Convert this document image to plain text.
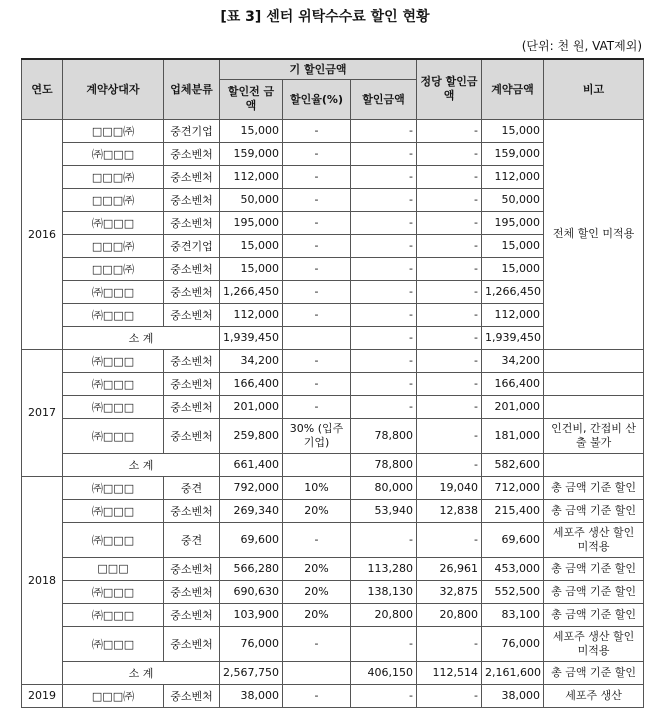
[표 3] 센터 위탁수수료 할인 현황
(단위: 천 원, VAT제외)
연도	계약상대자	업체분류	기 할인금액			정당 할인금액	계약금액	비고
			할인전 금액	할인율(%)	할인금액			
2016	□□□㈜	중견기업	15,000	-	-	-	15,000	전체 할인 미적용
	㈜□□□	중소벤처	159,000	-	-	-	159,000	
	□□□㈜	중소벤처	112,000	-	-	-	112,000	
	□□□㈜	중소벤처	50,000	-	-	-	50,000	
	㈜□□□	중소벤처	195,000	-	-	-	195,000	
	□□□㈜	중견기업	15,000	-	-	-	15,000	
	□□□㈜	중소벤처	15,000	-	-	-	15,000	
	㈜□□□	중소벤처	1,266,450	-	-	-	1,266,450	
	㈜□□□	중소벤처	112,000	-	-	-	112,000	
	소 계		1,939,450		-	-	1,939,450	
2017	㈜□□□	중소벤처	34,200	-	-	-	34,200	
	㈜□□□	중소벤처	166,400	-	-	-	166,400	
	㈜□□□	중소벤처	201,000	-	-	-	201,000	
	㈜□□□	중소벤처	259,800	30% (입주기업)	78,800	-	181,000	인건비, 간접비 산출 불가
	소 계		661,400		78,800	-	582,600	
2018	㈜□□□	중견	792,000	10%	80,000	19,040	712,000	총 금액 기준 할인
	㈜□□□	중소벤처	269,340	20%	53,940	12,838	215,400	총 금액 기준 할인
	㈜□□□	중견	69,600	-	-	-	69,600	세포주 생산 할인 미적용
	□□□	중소벤처	566,280	20%	113,280	26,961	453,000	총 금액 기준 할인
	㈜□□□	중소벤처	690,630	20%	138,130	32,875	552,500	총 금액 기준 할인
	㈜□□□	중소벤처	103,900	20%	20,800	20,800	83,100	총 금액 기준 할인
	㈜□□□	중소벤처	76,000	-	-	-	76,000	세포주 생산 할인 미적용
	소 계		2,567,750		406,150	112,514	2,161,600	총 금액 기준 할인
2019	□□□㈜	중소벤처	38,000	-	-	-	38,000	세포주 생산
